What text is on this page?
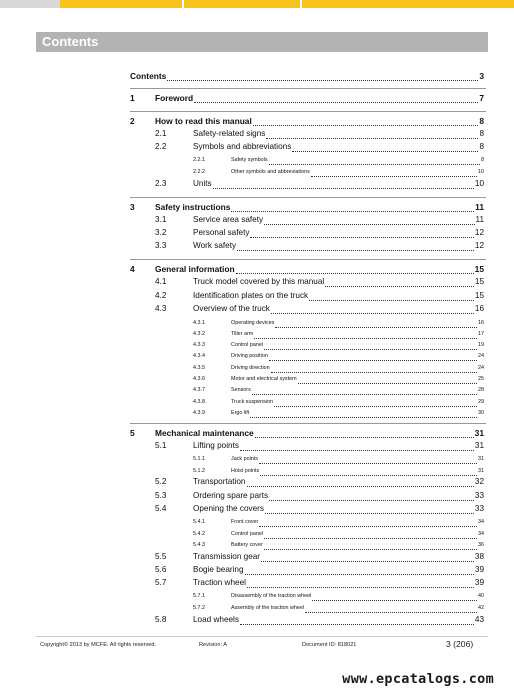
Contents
Contents	3
1 Foreword	7
2 How to read this manual	8
2.1	Safety-related signs	8
2.2	Symbols and abbreviations	8
2.2.1	Safety symbols	8
2.2.2	Other symbols and abbreviations	10
2.3	Units	10
3 Safety instructions	11
3.1	Service area safety	11
3.2	Personal safety	12
3.3	Work safety	12
4 General information	15
4.1	Truck model covered by this manual	15
4.2	Identification plates on the truck	15
4.3	Overview of the truck	16
4.3.1	Operating devices	16
4.3.2	Tiller arm	17
4.3.3	Control panel	19
4.3.4	Driving position	24
4.3.5	Driving direction	24
4.3.6	Motor and electrical system	25
4.3.7	Sensors	28
4.3.8	Truck suspension	29
4.3.9	Ergo lift	30
5 Mechanical maintenance	31
5.1	Lifting points	31
5.1.1	Jack points	31
5.1.2	Hoist points	31
5.2	Transportation	32
5.3	Ordering spare parts	33
5.4	Opening the covers	33
5.4.1	Front cover	34
5.4.2	Control panel	34
5.4.3	Battery cover	36
5.5	Transmission gear	38
5.6	Bogie bearing	39
5.7	Traction wheel	39
5.7.1	Disassembly of the traction wheel	40
5.7.2	Assembly of the traction wheel	42
5.8	Load wheels	43
Copyright© 2013 by MCFE. All rights reserved.	Revision: A	Document ID: 818021	3 (206)
www.epcatalogs.com
